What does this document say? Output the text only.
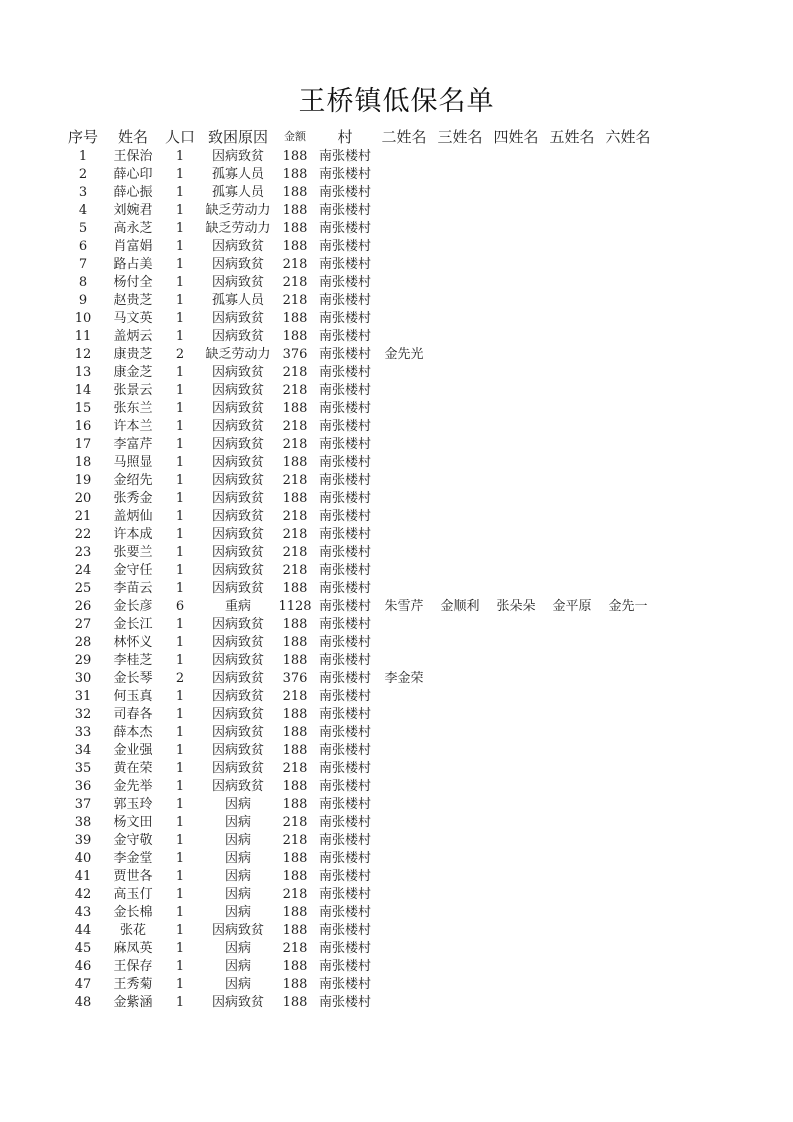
王桥镇低保名单
序号	姓名	人口	致困原因	金额	村	二姓名	三姓名	四姓名	五姓名	六姓名
1	王保治	1	因病致贫	188	南张楼村					
2	薛心印	1	孤寡人员	188	南张楼村					
3	薛心振	1	孤寡人员	188	南张楼村					
4	刘婉君	1	缺乏劳动力	188	南张楼村					
5	高永芝	1	缺乏劳动力	188	南张楼村					
6	肖富娟	1	因病致贫	188	南张楼村					
7	路占美	1	因病致贫	218	南张楼村					
8	杨付全	1	因病致贫	218	南张楼村					
9	赵贵芝	1	孤寡人员	218	南张楼村					
10	马文英	1	因病致贫	188	南张楼村					
11	盖炳云	1	因病致贫	188	南张楼村					
12	康贵芝	2	缺乏劳动力	376	南张楼村	金先光				
13	康金芝	1	因病致贫	218	南张楼村					
14	张景云	1	因病致贫	218	南张楼村					
15	张东兰	1	因病致贫	188	南张楼村					
16	许本兰	1	因病致贫	218	南张楼村					
17	李富芹	1	因病致贫	218	南张楼村					
18	马照显	1	因病致贫	188	南张楼村					
19	金绍先	1	因病致贫	218	南张楼村					
20	张秀金	1	因病致贫	188	南张楼村					
21	盖炳仙	1	因病致贫	218	南张楼村					
22	许本成	1	因病致贫	218	南张楼村					
23	张要兰	1	因病致贫	218	南张楼村					
24	金守任	1	因病致贫	218	南张楼村					
25	李苗云	1	因病致贫	188	南张楼村					
26	金长彦	6	重病	1128	南张楼村	朱雪芹	金顺利	张朵朵	金平原	金先一
27	金长江	1	因病致贫	188	南张楼村					
28	林怀义	1	因病致贫	188	南张楼村					
29	李桂芝	1	因病致贫	188	南张楼村					
30	金长琴	2	因病致贫	376	南张楼村	李金荣				
31	何玉真	1	因病致贫	218	南张楼村					
32	司春各	1	因病致贫	188	南张楼村					
33	薛本杰	1	因病致贫	188	南张楼村					
34	金业强	1	因病致贫	188	南张楼村					
35	黄在荣	1	因病致贫	218	南张楼村					
36	金先举	1	因病致贫	188	南张楼村					
37	郭玉玲	1	因病	188	南张楼村					
38	杨文田	1	因病	218	南张楼村					
39	金守敬	1	因病	218	南张楼村					
40	李金堂	1	因病	188	南张楼村					
41	贾世各	1	因病	188	南张楼村					
42	高玉仃	1	因病	218	南张楼村					
43	金长棉	1	因病	188	南张楼村					
44	张花	1	因病致贫	188	南张楼村					
45	麻凤英	1	因病	218	南张楼村					
46	王保存	1	因病	188	南张楼村					
47	王秀菊	1	因病	188	南张楼村					
48	金紫涵	1	因病致贫	188	南张楼村					
